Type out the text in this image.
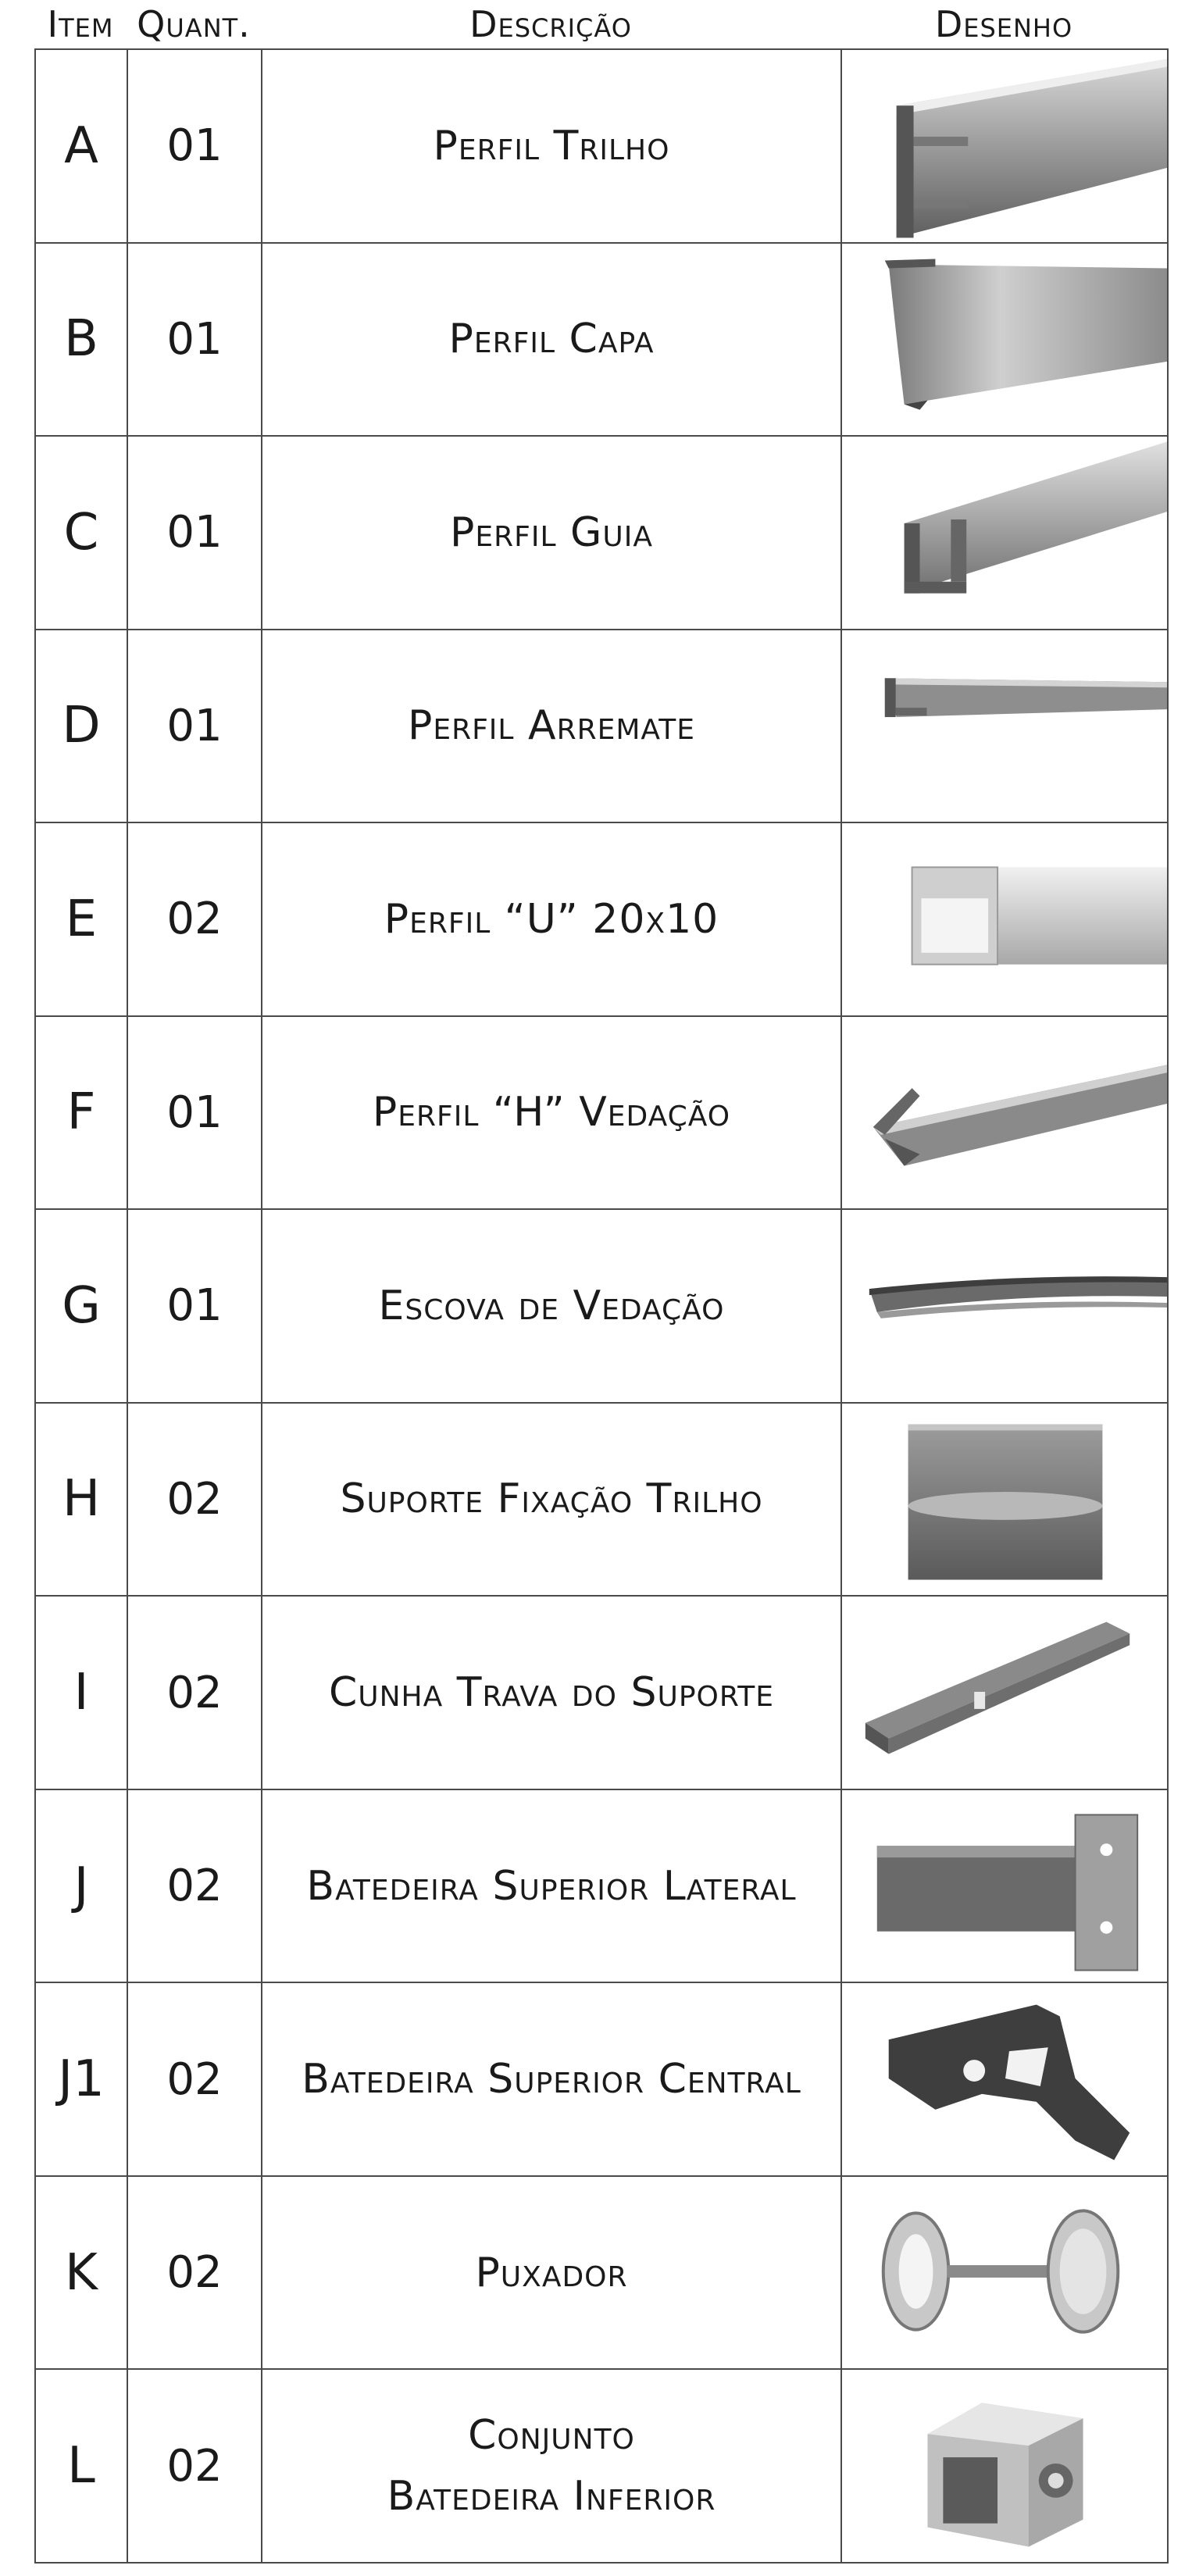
Item Quant.	Descrição	Desenho
A	01	Perfil Trilho	

B	01	Perfil Capa	

C	01	Perfil Guia	

D	01	Perfil Arremate	

E	02	Perfil “U” 20x10	

F	01	Perfil “H” Vedação	

G	01	Escova de Vedação	

H	02	Suporte Fixação Trilho	

I	02	Cunha Trava do Suporte	

J	02	Batedeira Superior Lateral	

J1	02	Batedeira Superior Central	

K	02	Puxador	

L	02	Conjunto
Batedeira Inferior
